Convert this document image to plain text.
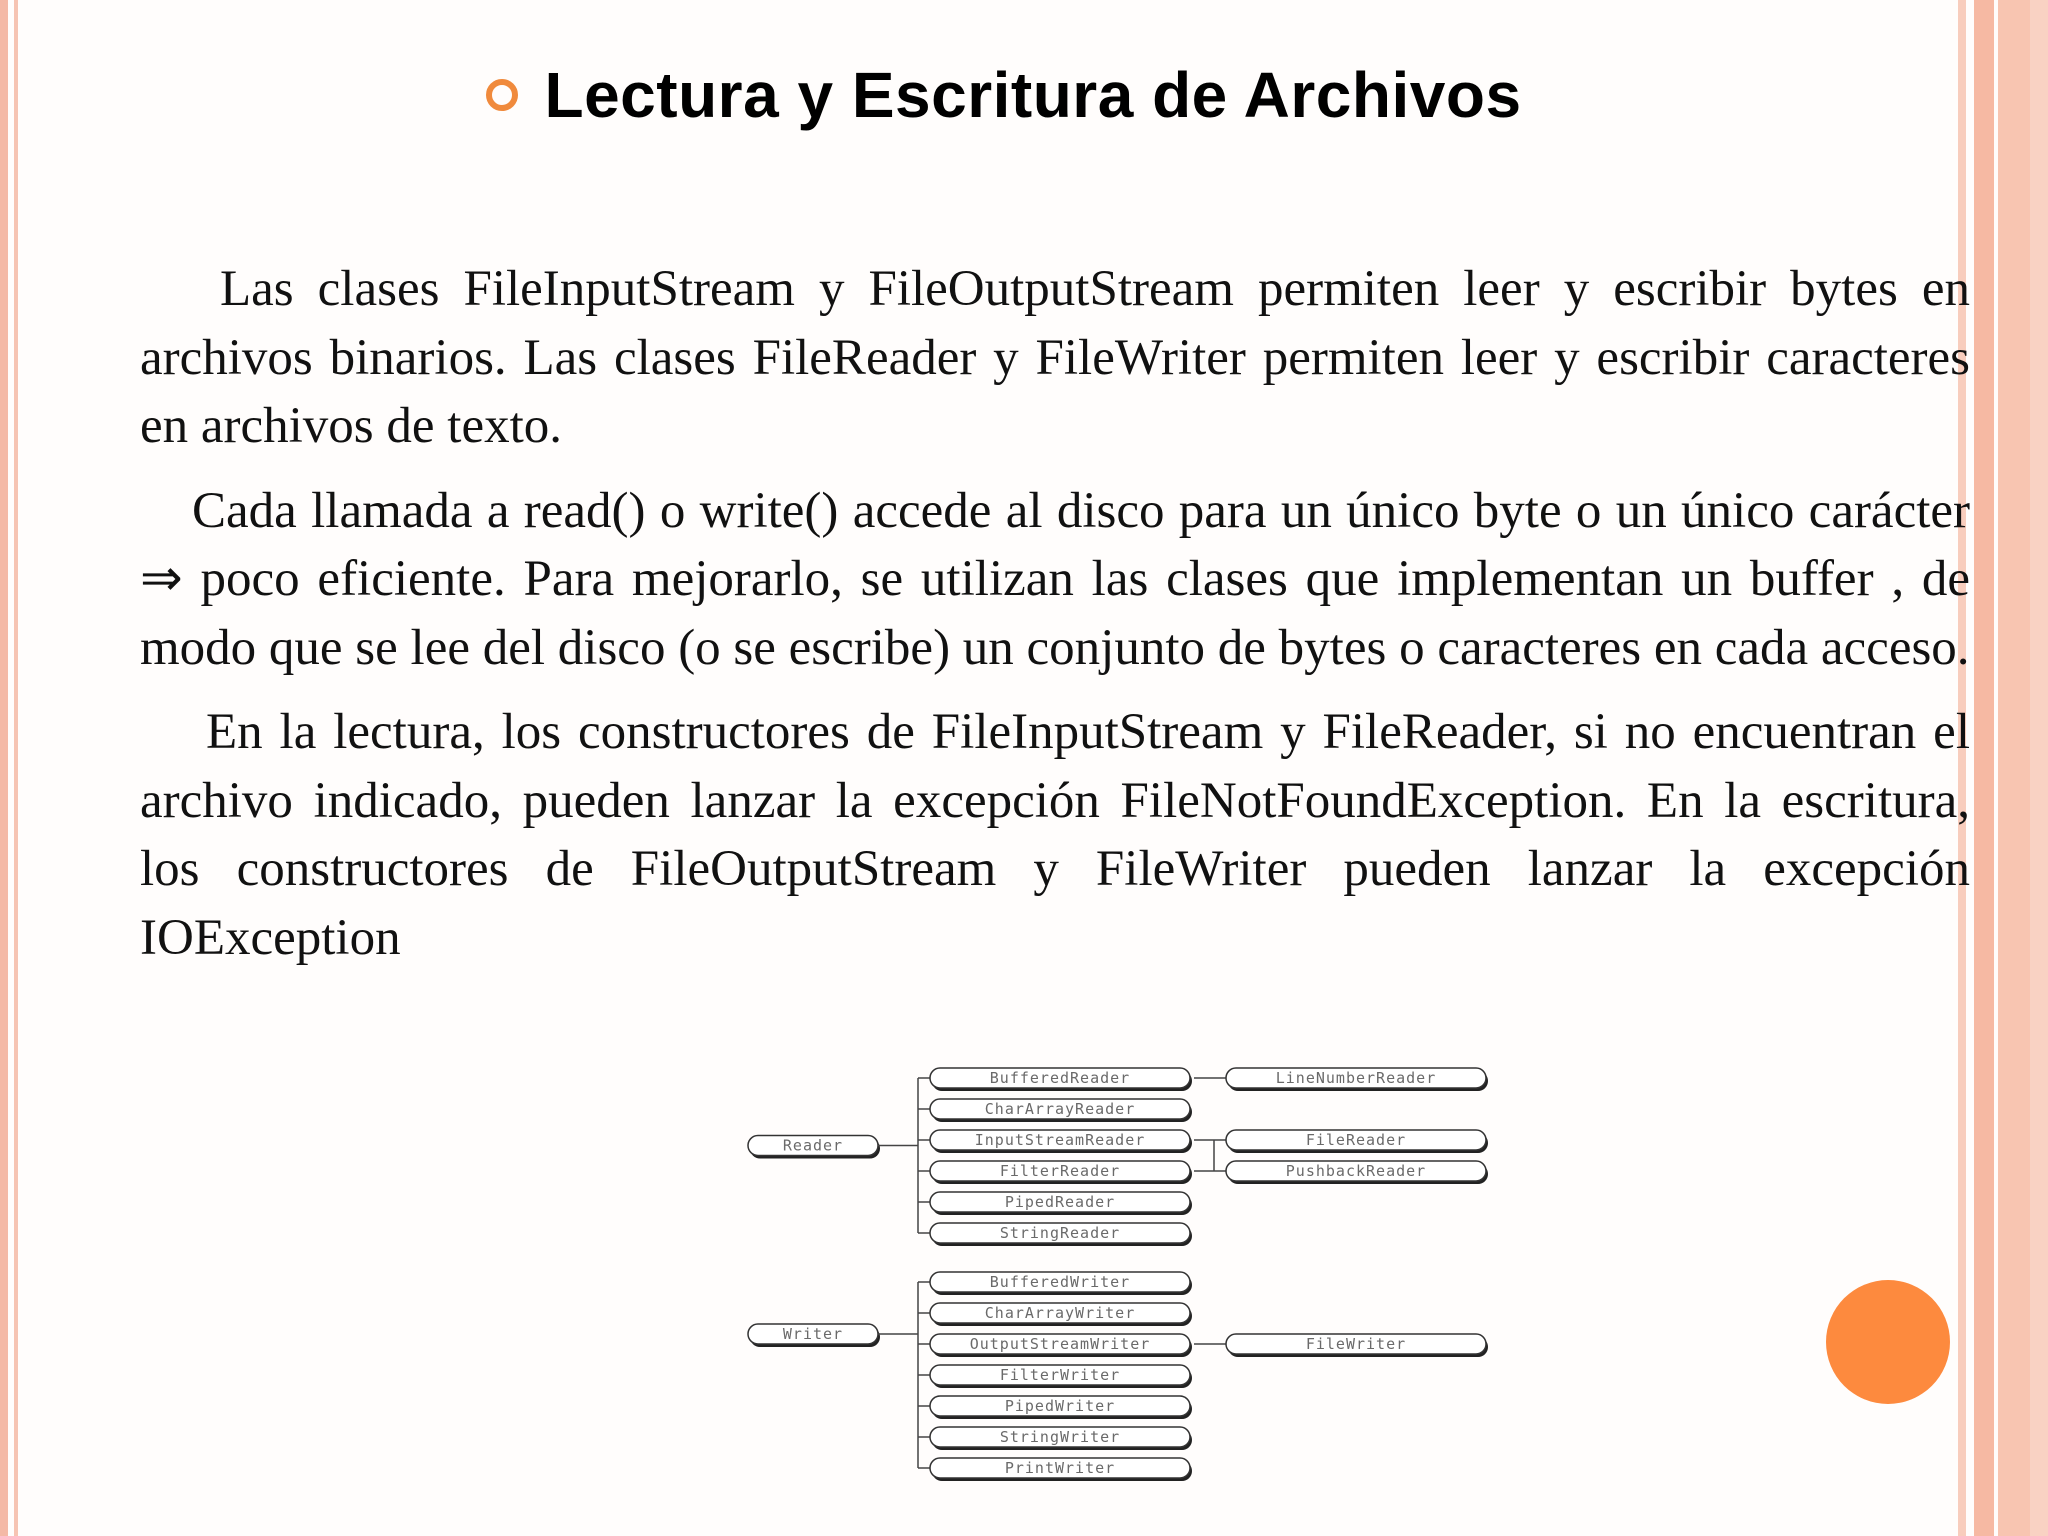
Lectura y Escritura de Archivos

Las clases FileInputStream y FileOutputStream permiten leer y escribir bytes en archivos binarios. Las clases FileReader y FileWriter permiten leer y escribir caracteres en archivos de texto.

Cada llamada a read() o write() accede al disco para un único byte o un único carácter ⇒ poco eficiente. Para mejorarlo, se utilizan las clases que implementan un buffer , de modo que se lee del disco (o se escribe) un conjunto de bytes o caracteres en cada acceso.

En la lectura, los constructores de FileInputStream y FileReader, si no encuentran el archivo indicado, pueden lanzar la excepción FileNotFoundException. En la escritura, los constructores de FileOutputStream y FileWriter pueden lanzar la excepción IOException

Reader
BufferedReader
CharArrayReader
InputStreamReader
FilterReader
PipedReader
StringReader
LineNumberReader
FileReader
PushbackReader
Writer
BufferedWriter
CharArrayWriter
OutputStreamWriter
FilterWriter
PipedWriter
StringWriter
PrintWriter
FileWriter
